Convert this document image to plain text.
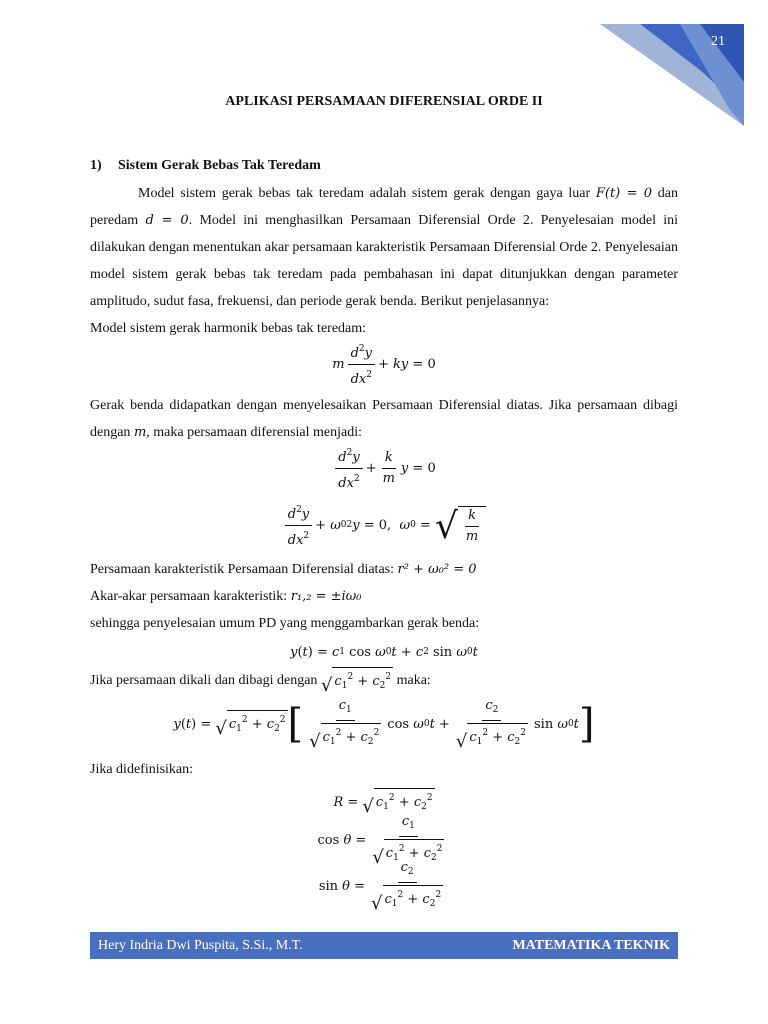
21
APLIKASI PERSAMAAN DIFERENSIAL ORDE II
1) Sistem Gerak Bebas Tak Teredam

Model sistem gerak bebas tak teredam adalah sistem gerak dengan gaya luar F(t) = 0 dan peredam d = 0. Model ini menghasilkan Persamaan Diferensial Orde 2. Penyelesaian model ini dilakukan dengan menentukan akar persamaan karakteristik Persamaan Diferensial Orde 2. Penyelesaian model sistem gerak bebas tak teredam pada pembahasan ini dapat ditunjukkan dengan parameter amplitudo, sudut fasa, frekuensi, dan periode gerak benda. Berikut penjelasannya:

Model sistem gerak harmonik bebas tak teredam:
m $\frac{d^2y}{dx^2}$ + ky = 0

Gerak benda didapatkan dengan menyelesaikan Persamaan Diferensial diatas. Jika persamaan dibagi dengan m, maka persamaan diferensial menjadi:

$\frac{d^2y}{dx^2} + \frac{k}{m}$ y = 0
$\frac{d^2y}{dx^2} + \omega$ 0 2 y = 0, ω 0 = √ $\frac{k}{m}$
Persamaan karakteristik Persamaan Diferensial diatas: r² + ω₀² = 0
Akar-akar persamaan karakteristik: r₁,₂ = ±iω₀
sehingga penyelesaian umum PD yang menggambarkan gerak benda:
y ( t ) = c 1 cos ω 0 t + c 2 sin ω 0 t
Jika persamaan dikali dan dibagi dengan √ $c_1^2 + c_2^2$ maka:
y ( t ) = √ $c_1^2 + c_2^2$ [ $\frac{c_1}{√ c_1^2 + c_2^2}$ cos ω 0 $t + \frac{c_2}{√ c_1^2 + c_2^2}$ sin ω 0 t ]
Jika didefinisikan:
R = √ $c_1^2 + c_2^2$
$\cos \theta = \frac{c_1}{√ c_1^2 + c_2^2}$
$\sin \theta = \frac{c_2}{√ c_1^2 + c_2^2}$
Hery Indria Dwi Puspita, S.Si., M.T.	MATEMATIKA TEKNIK
